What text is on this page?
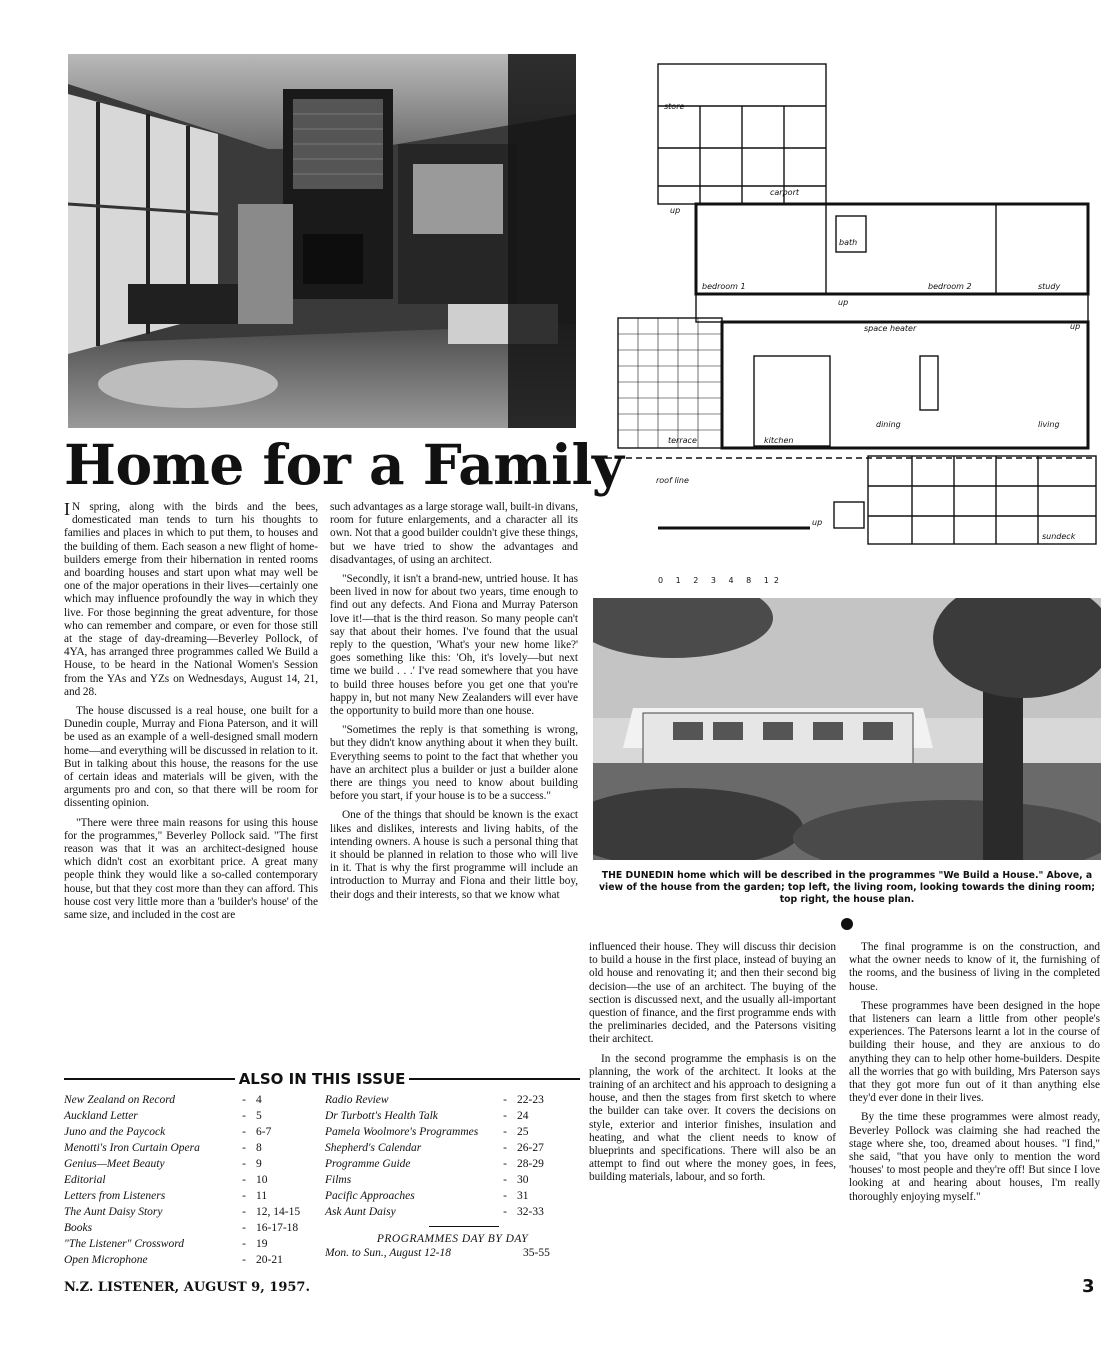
Home for a Family

I N spring, along with the birds and the bees, domesticated man tends to turn his thoughts to families and places in which to put them, to houses and the building of them. Each season a new flight of home-builders emerge from their hibernation in rented rooms and boarding houses and start upon what may well be one of the major operations in their lives—certainly one which may influence profoundly the way in which they live. For those beginning the great adventure, for those who can remember and compare, or even for those still at the stage of day-dreaming—Beverley Pollock, of 4YA, has arranged three programmes called We Build a House, to be heard in the National Women's Session from the YAs and YZs on Wednesdays, August 14, 21, and 28.

The house discussed is a real house, one built for a Dunedin couple, Murray and Fiona Paterson, and it will be used as an example of a well-designed small modern home—and everything will be discussed in relation to it. But in talking about this house, the reasons for the use of certain ideas and materials will be given, with the arguments pro and con, so that there will be room for dissenting opinion.

"There were three main reasons for using this house for the programmes," Beverley Pollock said. "The first reason was that it was an architect-designed house which didn't cost an exorbitant price. A great many people think they would like a so-called contemporary house, but that they cost more than they can afford. This house cost very little more than a 'builder's house' of the same size, and included in the cost are

such advantages as a large storage wall, built-in divans, room for future enlargements, and a character all its own. Not that a good builder couldn't give these things, but we have tried to show the advantages and disadvantages, of using an architect.

"Secondly, it isn't a brand-new, untried house. It has been lived in now for about two years, time enough to find out any defects. And Fiona and Murray Paterson love it!—that is the third reason. So many people can't say that about their homes. I've found that the usual reply to the question, 'What's your new home like?' goes something like this: 'Oh, it's lovely—but next time we build . . .' I've read somewhere that you have to build three houses before you get one that you're happy in, but not many New Zealanders will ever have the opportunity to build more than one house.

"Sometimes the reply is that something is wrong, but they didn't know anything about it when they built. Everything seems to point to the fact that whether you have an architect plus a builder or just a builder alone there are things you need to know about building before you start, if your house is to be a success."

One of the things that should be known is the exact likes and dislikes, interests and living habits, of the intending owners. A house is such a personal thing that it should be planned in relation to those who will live in it. That is why the first programme will include an introduction to Murray and Fiona and their little boy, their dogs and their interests, so that we know what

store
carport
bath
bedroom 1	bedroom 2	study
space heater
dining	living
terrace	kitchen
roof line
sundeck
up
up
up
up
0 1 2 3 4 8 12
THE DUNEDIN home which will be described in the programmes "We Build a House." Above, a view of the house from the garden; top left, the living room, looking towards the dining room; top right, the house plan.

influenced their house. They will discuss thir decision to build a house in the first place, instead of buying an old house and renovating it; and then their second big decision—the use of an architect. The buying of the section is discussed next, and the usually all-important question of finance, and the first programme ends with the preliminaries decided, and the Patersons visiting their architect.

In the second programme the emphasis is on the planning, the work of the architect. It looks at the training of an architect and his approach to designing a house, and then the stages from first sketch to where the builder can take over. It covers the decisions on style, exterior and interior finishes, insulation and heating, and what the client needs to know of blueprints and specifications. There will also be an attempt to find out where the money goes, in fees, building materials, labour, and so forth.

The final programme is on the construction, and what the owner needs to know of it, the furnishing of the rooms, and the business of living in the completed house.

These programmes have been designed in the hope that listeners can learn a little from other people's experiences. The Patersons learnt a lot in the course of building their house, and they are anxious to do anything they can to help other home-builders. Despite all the worries that go with building, Mrs Paterson says that they got more fun out of it than anything else they'd ever done in their lives.

By the time these programmes were almost ready, Beverley Pollock was claiming she had reached the stage where she, too, dreamed about houses. "I find," she said, "that you have only to mention the word 'houses' to most people and they're off! But since I love looking at and hearing about houses, I'm really thoroughly enjoying myself."

ALSO IN THIS ISSUE
New Zealand on Record	- 4
Auckland Letter	- 5
Juno and the Paycock	- 6-7
Menotti's Iron Curtain Opera	- 8
Genius—Meet Beauty	- 9
Editorial	- 10
Letters from Listeners	- 11
The Aunt Daisy Story	- 12, 14-15
Books	- 16-17-18
"The Listener" Crossword	- 19
Open Microphone	- 20-21
Radio Review	- 22-23
Dr Turbott's Health Talk	- 24
Pamela Woolmore's Programmes	- 25
Shepherd's Calendar	- 26-27
Programme Guide	- 28-29
Films	- 30
Pacific Approaches	- 31
Ask Aunt Daisy	- 32-33
PROGRAMMES DAY BY DAY
Mon. to Sun., August 12-18	35-55
N.Z. LISTENER, AUGUST 9, 1957.	3
